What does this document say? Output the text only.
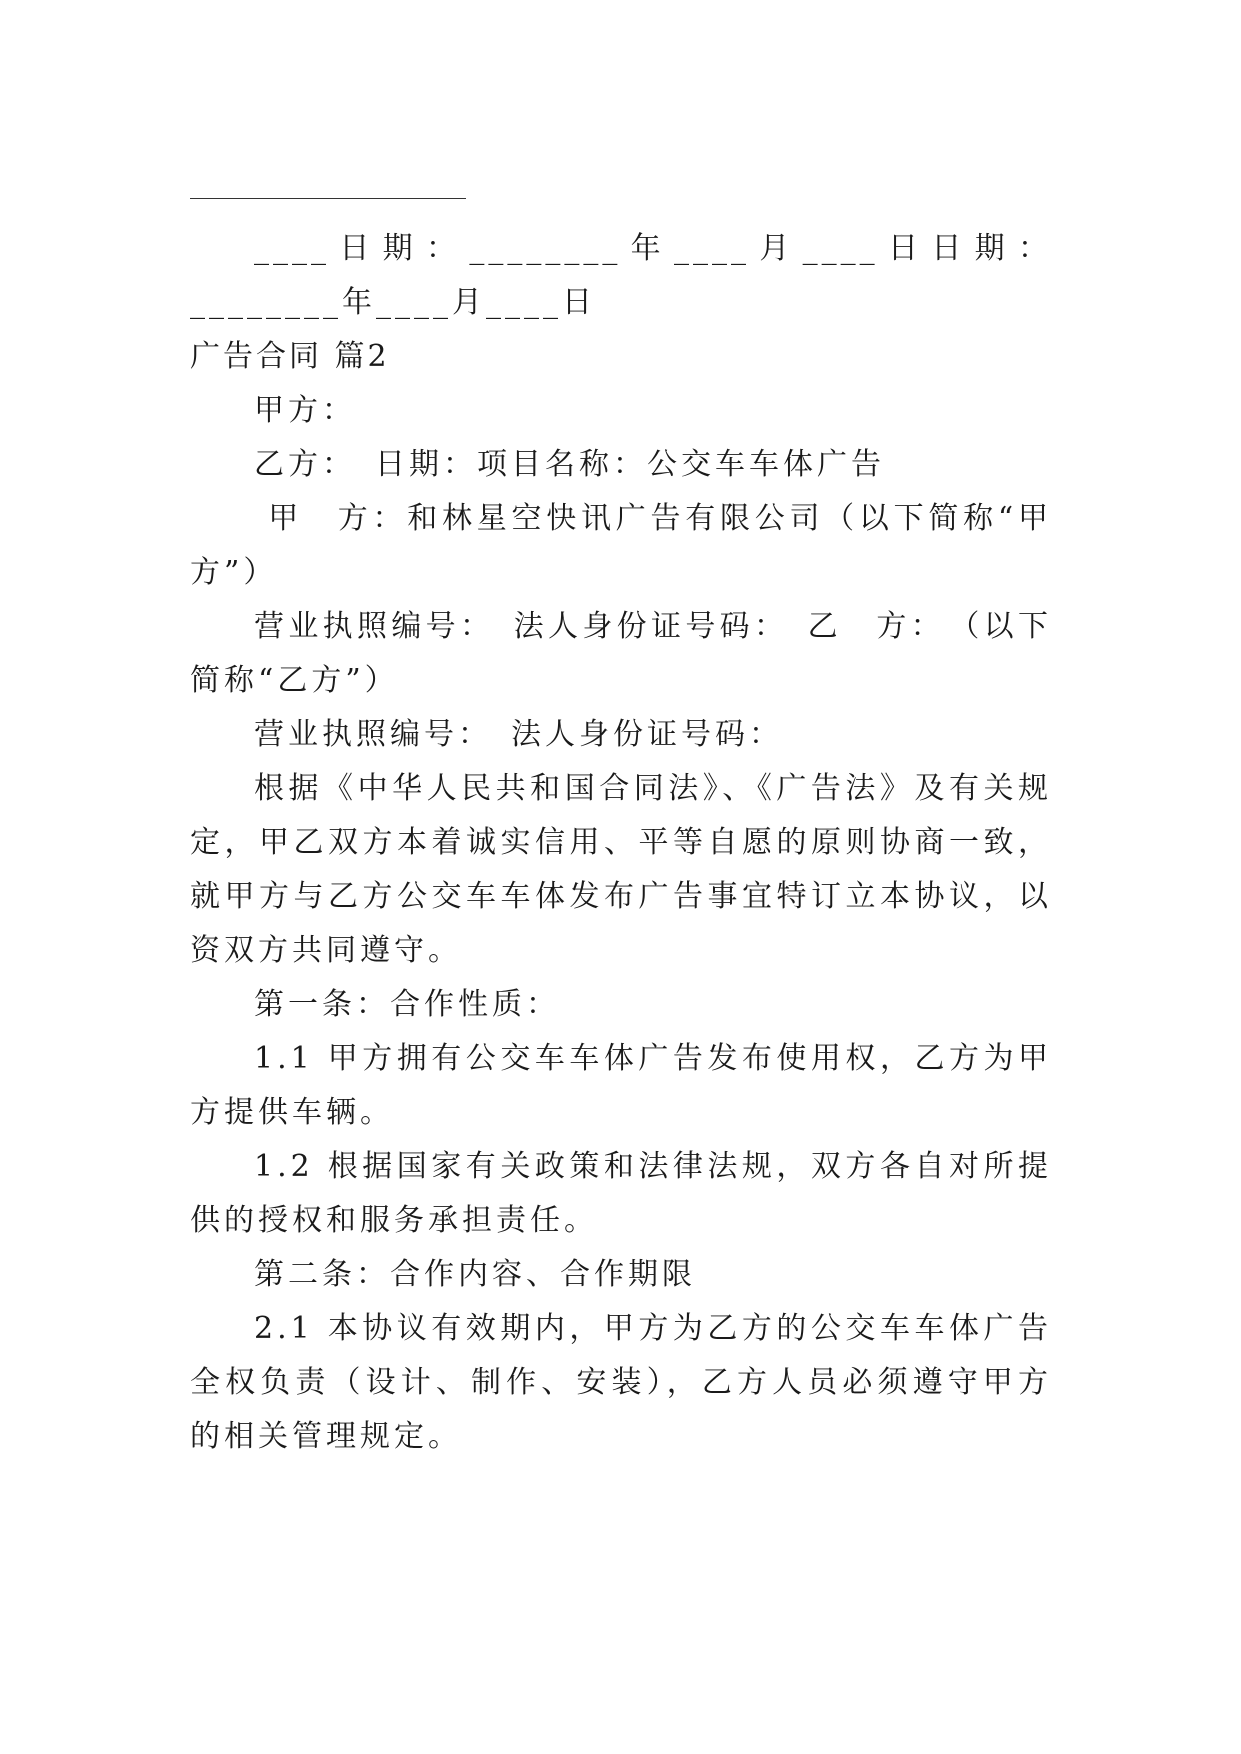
____日期：________年____月____日日期：________年____月____日

广告合同 篇2

甲方：

乙方：　日期：项目名称：公交车车体广告

甲　方：和林星空快讯广告有限公司（以下简称“甲方”）

营业执照编号：　法人身份证号码：　乙　方：　（以下简称“乙方”）

营业执照编号：　法人身份证号码：

根据《中华人民共和国合同法》、《广告法》及有关规定，甲乙双方本着诚实信用、平等自愿的原则协商一致，就甲方与乙方公交车车体发布广告事宜特订立本协议，以资双方共同遵守。

第一条：合作性质：

1.1 甲方拥有公交车车体广告发布使用权，乙方为甲方提供车辆。

1.2 根据国家有关政策和法律法规，双方各自对所提供的授权和服务承担责任。

第二条：合作内容、合作期限

2.1 本协议有效期内，甲方为乙方的公交车车体广告全权负责（设计、制作、安装），乙方人员必须遵守甲方的相关管理规定。
